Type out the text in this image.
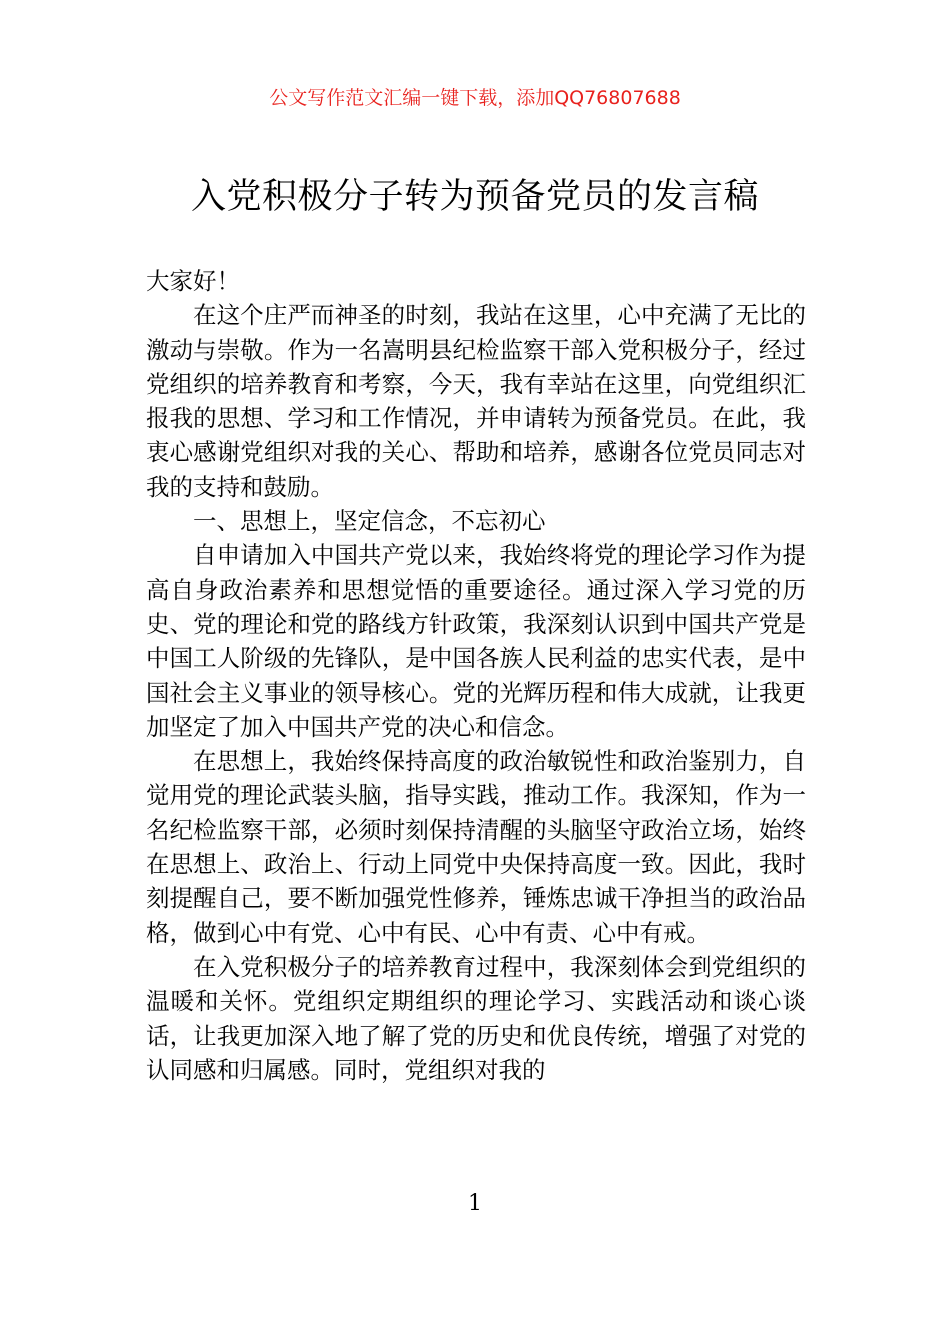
公文写作范文汇编一键下载，添加QQ76807688
入党积极分子转为预备党员的发言稿

大家好！

在这个庄严而神圣的时刻，我站在这里，心中充满了无比的激动与崇敬。作为一名嵩明县纪检监察干部入党积极分子，经过党组织的培养教育和考察，今天，我有幸站在这里，向党组织汇报我的思想、学习和工作情况，并申请转为预备党员。在此，我衷心感谢党组织对我的关心、帮助和培养，感谢各位党员同志对我的支持和鼓励。

一、思想上，坚定信念，不忘初心

自申请加入中国共产党以来，我始终将党的理论学习作为提高自身政治素养和思想觉悟的重要途径。通过深入学习党的历史、党的理论和党的路线方针政策，我深刻认识到中国共产党是中国工人阶级的先锋队，是中国各族人民利益的忠实代表，是中国社会主义事业的领导核心。党的光辉历程和伟大成就，让我更加坚定了加入中国共产党的决心和信念。

在思想上，我始终保持高度的政治敏锐性和政治鉴别力，自觉用党的理论武装头脑，指导实践，推动工作。我深知，作为一名纪检监察干部，必须时刻保持清醒的头脑坚守政治立场，始终在思想上、政治上、行动上同党中央保持高度一致。因此，我时刻提醒自己，要不断加强党性修养，锤炼忠诚干净担当的政治品格，做到心中有党、心中有民、心中有责、心中有戒。

在入党积极分子的培养教育过程中，我深刻体会到党组织的温暖和关怀。党组织定期组织的理论学习、实践活动和谈心谈话，让我更加深入地了解了党的历史和优良传统，增强了对党的认同感和归属感。同时，党组织对我的

1
